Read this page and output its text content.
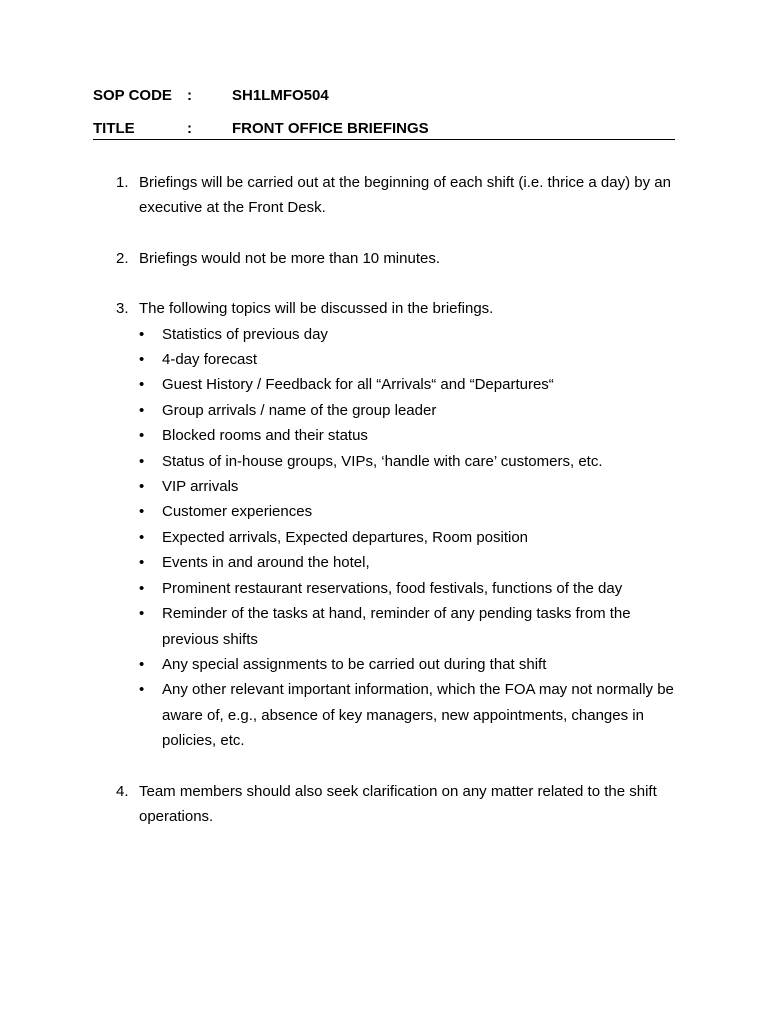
SOP CODE	:	SH1LMFO504
TITLE	:	FRONT OFFICE BRIEFINGS
1. Briefings will be carried out at the beginning of each shift (i.e. thrice a day) by an executive at the Front Desk.
2. Briefings would not be more than 10 minutes.
3. The following topics will be discussed in the briefings.
•	Statistics of previous day
•	4-day forecast
•	Guest History / Feedback for all “Arrivals“ and “Departures“
•	Group arrivals / name of the group leader
•	Blocked rooms and their status
•	Status of in-house groups, VIPs, ‘handle with care’ customers, etc.
•	VIP arrivals
•	Customer experiences
•	Expected arrivals, Expected departures, Room position
•	Events in and around the hotel,
•	Prominent restaurant reservations, food festivals, functions of the day
•	Reminder of the tasks at hand, reminder of any pending tasks from the previous shifts
•	Any special assignments to be carried out during that shift
•	Any other relevant important information, which the FOA may not normally be aware of, e.g., absence of key managers, new appointments, changes in policies, etc.
4. Team members should also seek clarification on any matter related to the shift operations.
